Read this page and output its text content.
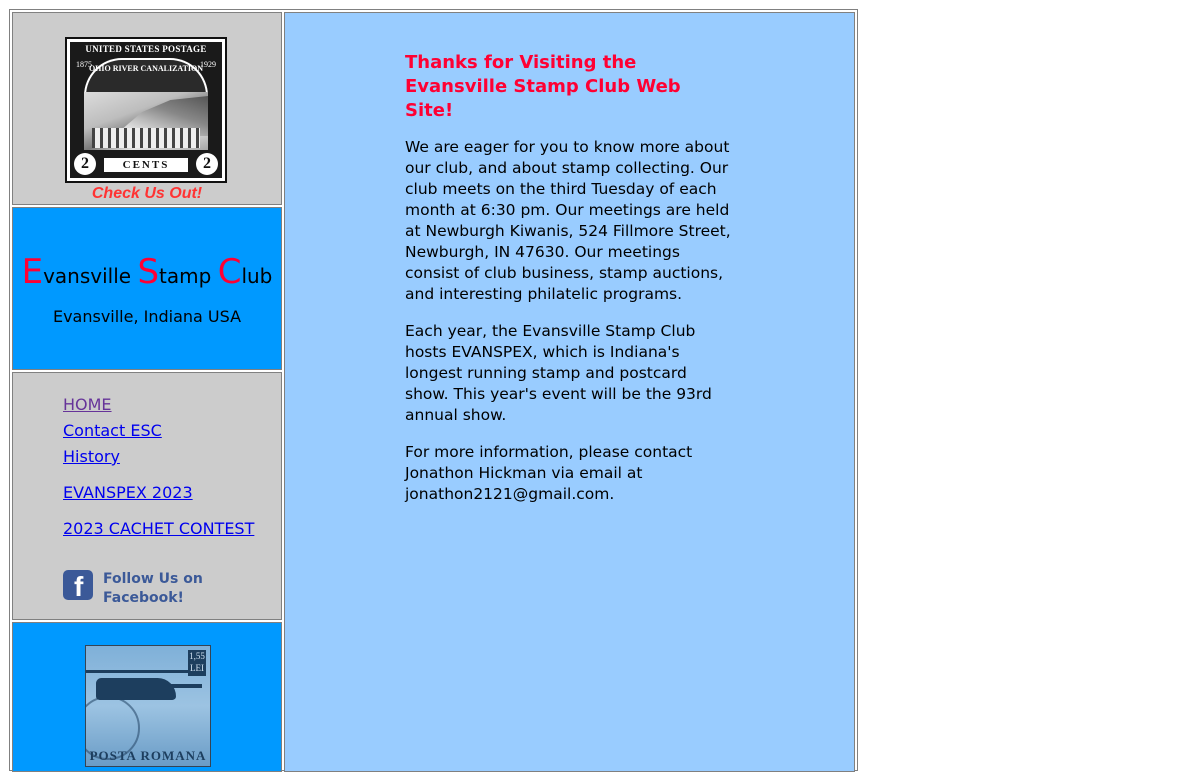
UNITED STATES POSTAGE
1875	1929
OHIO RIVER CANALIZATION
2	CENTS	2
Check Us Out!
Evansville Stamp Club
Evansville, Indiana USA
HOME
Contact ESC
History
EVANSPEX 2023
2023 CACHET CONTEST
f Follow Us on Facebook!
1,55 LEI
POSTA ROMANA
Thanks for Visiting the Evansville Stamp Club Web Site!

We are eager for you to know more about our club, and about stamp collecting. Our club meets on the third Tuesday of each month at 6:30 pm. Our meetings are held at Newburgh Kiwanis, 524 Fillmore Street, Newburgh, IN 47630. Our meetings consist of club business, stamp auctions, and interesting philatelic programs.

Each year, the Evansville Stamp Club hosts EVANSPEX, which is Indiana's longest running stamp and postcard show. This year's event will be the 93rd annual show.

For more information, please contact Jonathon Hickman via email at jonathon2121@gmail.com.
